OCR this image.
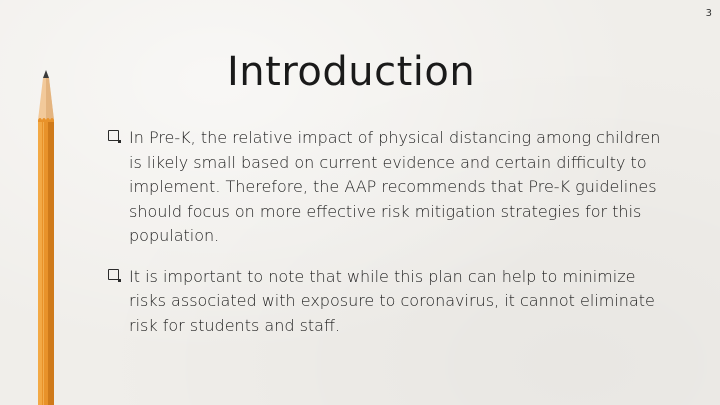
3
Introduction
In Pre-K, the relative impact of physical distancing among children is likely small based on current evidence and certain difficulty to implement. Therefore, the AAP recommends that Pre-K guidelines should focus on more effective risk mitigation strategies for this population.
It is important to note that while this plan can help to minimize risks associated with exposure to coronavirus, it cannot eliminate risk for students and staff.
